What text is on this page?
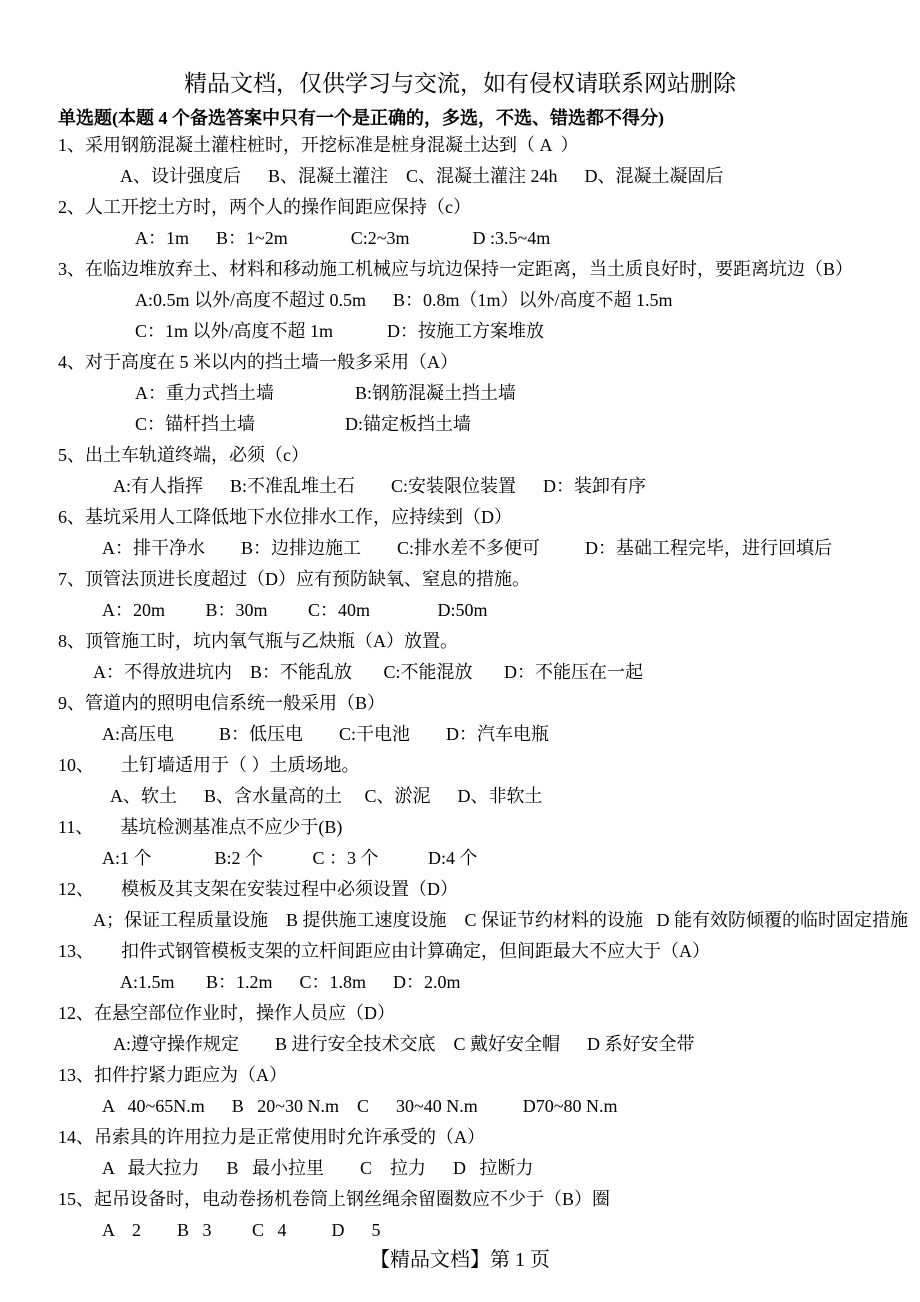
精品文档，仅供学习与交流，如有侵权请联系网站删除
单选题(本题 4 个备选答案中只有一个是正确的，多选，不选、错选都不得分)
1、采用钢筋混凝土灌柱桩时，开挖标准是桩身混凝土达到（ A  ）
A、设计强度后      B、混凝土灌注    C、混凝土灌注 24h      D、混凝土凝固后
2、人工开挖土方时，两个人的操作间距应保持（c）
A：1m      B：1~2m              C:2~3m              D :3.5~4m
3、在临边堆放弃土、材料和移动施工机械应与坑边保持一定距离，当土质良好时，要距离坑边（B）
A:0.5m 以外/高度不超过 0.5m      B：0.8m（1m）以外/高度不超 1.5m
C：1m 以外/高度不超 1m            D：按施工方案堆放
4、对于高度在 5 米以内的挡土墙一般多采用（A）
A：重力式挡土墙                  B:钢筋混凝土挡土墙
C：锚杆挡土墙                    D:锚定板挡土墙
5、出土车轨道终端，必须（c）
A:有人指挥      B:不准乱堆土石        C:安装限位装置      D：装卸有序
6、基坑采用人工降低地下水位排水工作，应持续到（D）
A：排干净水        B：边排边施工        C:排水差不多便可          D：基础工程完毕，进行回填后
7、顶管法顶进长度超过（D）应有预防缺氧、窒息的措施。
A：20m         B：30m         C：40m               D:50m
8、顶管施工时，坑内氧气瓶与乙炔瓶（A）放置。
A：不得放进坑内    B：不能乱放       C:不能混放       D：不能压在一起
9、管道内的照明电信系统一般采用（B）
A:高压电          B：低压电        C:干电池        D：汽车电瓶
10、      土钉墙适用于（ ）土质场地。
A、软土      B、含水量高的土     C、淤泥      D、非软土
11、      基坑检测基准点不应少于(B)
A:1 个              B:2 个           C ：3 个           D:4 个
12、      模板及其支架在安装过程中必须设置（D）
A；保证工程质量设施    B 提供施工速度设施    C 保证节约材料的设施   D 能有效防倾覆的临时固定措施
13、      扣件式钢管模板支架的立杆间距应由计算确定，但间距最大不应大于（A）
A:1.5m       B：1.2m      C：1.8m      D：2.0m
12、在悬空部位作业时，操作人员应（D）
A:遵守操作规定        B 进行安全技术交底    C 戴好安全帽      D 系好安全带
13、扣件拧紧力距应为（A）
A   40~65N.m      B   20~30 N.m    C      30~40 N.m          D70~80 N.m
14、吊索具的许用拉力是正常使用时允许承受的（A）
A   最大拉力      B   最小拉里        C    拉力      D   拉断力
15、起吊设备时，电动卷扬机卷筒上钢丝绳余留圈数应不少于（B）圈
A    2        B   3         C   4          D      5
【精品文档】第 1 页
